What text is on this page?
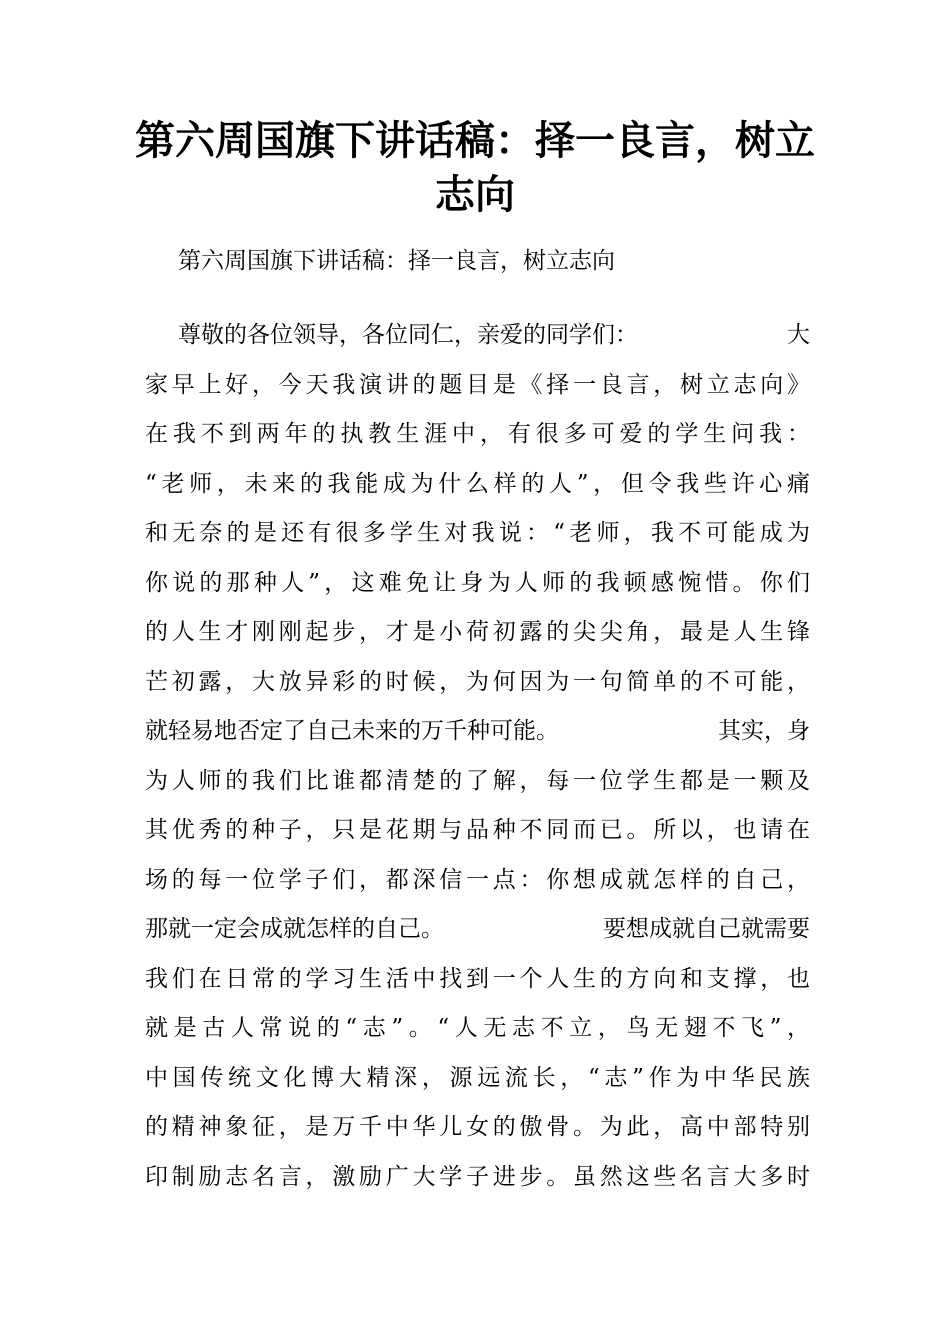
第六周国旗下讲话稿：择一良言，树立
志向
第六周国旗下讲话稿：择一良言，树立志向
尊敬的各位领导，各位同仁，亲爱的同学们：	大
家早上好，今天我演讲的题目是《择一良言，树立志向》
在我不到两年的执教生涯中，有很多可爱的学生问我：
“老师，未来的我能成为什么样的人”，但令我些许心痛
和无奈的是还有很多学生对我说：“老师，我不可能成为
你说的那种人”，这难免让身为人师的我顿感惋惜。你们
的人生才刚刚起步，才是小荷初露的尖尖角，最是人生锋
芒初露，大放异彩的时候，为何因为一句简单的不可能，
就轻易地否定了自己未来的万千种可能。	其实，身
为人师的我们比谁都清楚的了解，每一位学生都是一颗及
其优秀的种子，只是花期与品种不同而已。所以，也请在
场的每一位学子们，都深信一点：你想成就怎样的自己，
那就一定会成就怎样的自己。	要想成就自己就需要
我们在日常的学习生活中找到一个人生的方向和支撑，也
就是古人常说的“志”。“人无志不立，鸟无翅不飞”，
中国传统文化博大精深，源远流长，“志”作为中华民族
的精神象征，是万千中华儿女的傲骨。为此，高中部特别
印制励志名言，激励广大学子进步。虽然这些名言大多时
